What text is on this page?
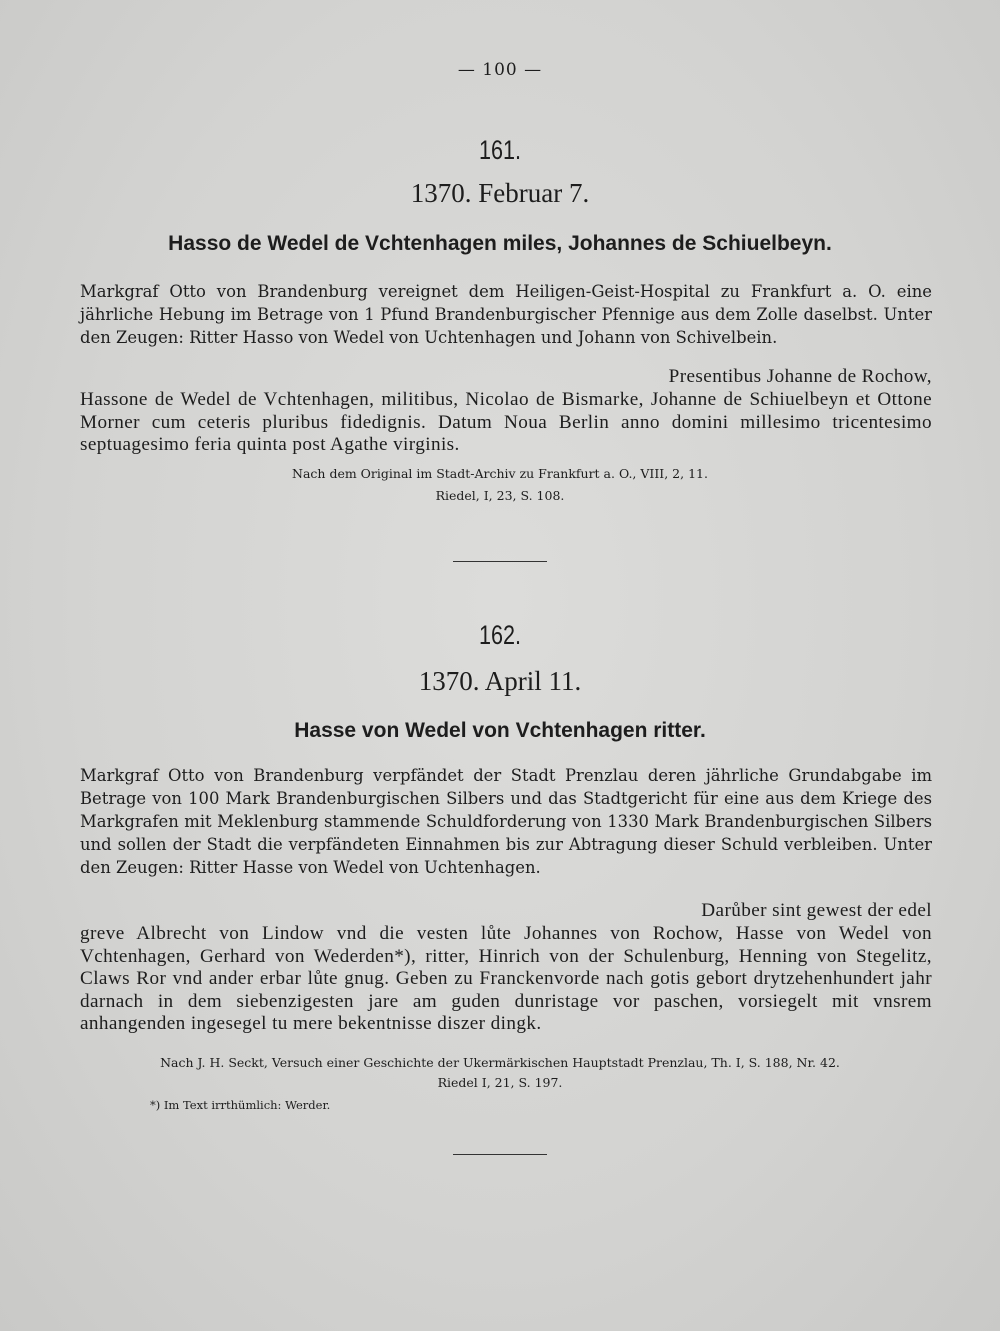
— 100 —
161.
1370. Februar 7.
Hasso de Wedel de Vchtenhagen miles, Johannes de Schiuelbeyn.

Markgraf Otto von Brandenburg vereignet dem Heiligen-Geist-Hospital zu Frankfurt a. O. eine jährliche Hebung im Betrage von 1 Pfund Brandenburgischer Pfennige aus dem Zolle daselbst. Unter den Zeugen: Ritter Hasso von Wedel von Uchtenhagen und Johann von Schivelbein.

Presentibus Johanne de Rochow,

Hassone de Wedel de Vchtenhagen, militibus, Nicolao de Bismarke, Johanne de Schiuelbeyn et Ottone Morner cum ceteris pluribus fidedignis. Datum Noua Berlin anno domini millesimo tricentesimo septuagesimo feria quinta post Agathe virginis.

Nach dem Original im Stadt-Archiv zu Frankfurt a. O., VIII, 2, 11.
Riedel, I, 23, S. 108.
162.
1370. April 11.
Hasse von Wedel von Vchtenhagen ritter.

Markgraf Otto von Brandenburg verpfändet der Stadt Prenzlau deren jährliche Grundabgabe im Betrage von 100 Mark Brandenburgischen Silbers und das Stadtgericht für eine aus dem Kriege des Markgrafen mit Meklenburg stammende Schuldforderung von 1330 Mark Brandenburgischen Silbers und sollen der Stadt die verpfändeten Einnahmen bis zur Abtragung dieser Schuld verbleiben. Unter den Zeugen: Ritter Hasse von Wedel von Uchtenhagen.

Darůber sint gewest der edel

greve Albrecht von Lindow vnd die vesten lůte Johannes von Rochow, Hasse von Wedel von Vchtenhagen, Gerhard von Wederden*), ritter, Hinrich von der Schulenburg, Henning von Stegelitz, Claws Ror vnd ander erbar lůte gnug. Geben zu Franckenvorde nach gotis gebort drytzehenhundert jahr darnach in dem siebenzigesten jare am guden dunristage vor paschen, vorsiegelt mit vnsrem anhangenden ingesegel tu mere bekentnisse diszer dingk.

Nach J. H. Seckt, Versuch einer Geschichte der Ukermärkischen Hauptstadt Prenzlau, Th. I, S. 188, Nr. 42.
Riedel I, 21, S. 197.
*) Im Text irrthümlich: Werder.
